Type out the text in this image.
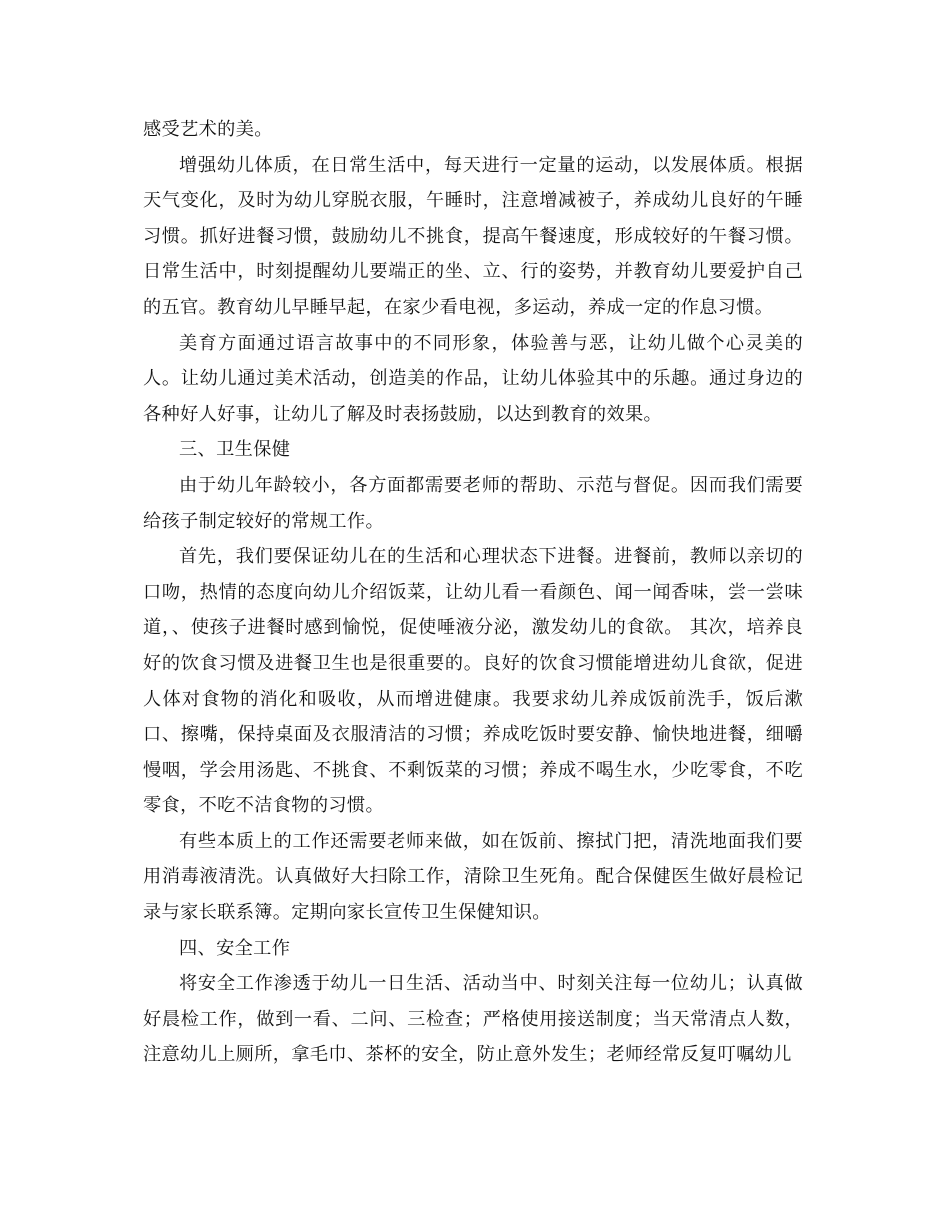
感受艺术的美。

增强幼儿体质，在日常生活中，每天进行一定量的运动，以发展体质。根据天气变化，及时为幼儿穿脱衣服，午睡时，注意增减被子，养成幼儿良好的午睡习惯。抓好进餐习惯，鼓励幼儿不挑食，提高午餐速度，形成较好的午餐习惯。日常生活中，时刻提醒幼儿要端正的坐、立、行的姿势，并教育幼儿要爱护自己的五官。教育幼儿早睡早起，在家少看电视，多运动，养成一定的作息习惯。

美育方面通过语言故事中的不同形象，体验善与恶，让幼儿做个心灵美的人。让幼儿通过美术活动，创造美的作品，让幼儿体验其中的乐趣。通过身边的各种好人好事，让幼儿了解及时表扬鼓励，以达到教育的效果。

三、卫生保健

由于幼儿年龄较小，各方面都需要老师的帮助、示范与督促。因而我们需要给孩子制定较好的常规工作。

首先，我们要保证幼儿在的生活和心理状态下进餐。进餐前，教师以亲切的口吻，热情的态度向幼儿介绍饭菜，让幼儿看一看颜色、闻一闻香味，尝一尝味道，、使孩子进餐时感到愉悦，促使唾液分泌，激发幼儿的食欲。 其次，培养良好的饮食习惯及进餐卫生也是很重要的。良好的饮食习惯能增进幼儿食欲，促进人体对食物的消化和吸收，从而增进健康。我要求幼儿养成饭前洗手，饭后漱口、擦嘴，保持桌面及衣服清洁的习惯；养成吃饭时要安静、愉快地进餐，细嚼慢咽，学会用汤匙、不挑食、不剩饭菜的习惯；养成不喝生水，少吃零食，不吃零食，不吃不洁食物的习惯。

有些本质上的工作还需要老师来做，如在饭前、擦拭门把，清洗地面我们要用消毒液清洗。认真做好大扫除工作，清除卫生死角。配合保健医生做好晨检记录与家长联系簿。定期向家长宣传卫生保健知识。

四、安全工作

将安全工作渗透于幼儿一日生活、活动当中、时刻关注每一位幼儿；认真做好晨检工作，做到一看、二问、三检查；严格使用接送制度；当天常清点人数，注意幼儿上厕所，拿毛巾、茶杯的安全，防止意外发生；老师经常反复叮嘱幼儿
